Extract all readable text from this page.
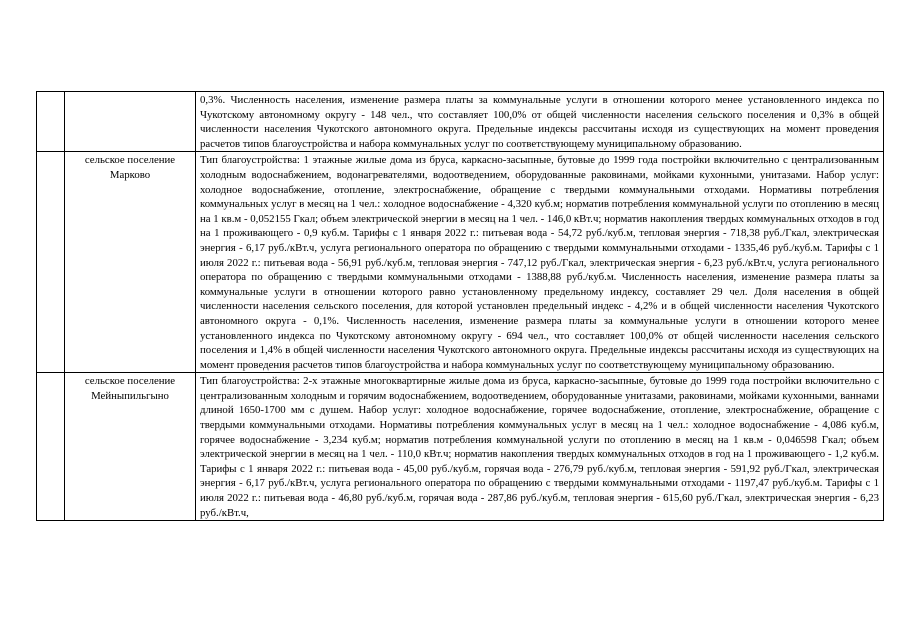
		0,3%. Численность населения, изменение размера платы за коммунальные услуги в отношении которого менее установленного индекса по Чукотскому автономному округу - 148 чел., что составляет 100,0% от общей численности населения сельского поселения и 0,3% в общей численности населения Чукотского автономного округа. Предельные индексы рассчитаны исходя из существующих на момент проведения расчетов типов благоустройства и набора коммунальных услуг по соответствующему муниципальному образованию.
	сельское поселение Марково	Тип благоустройства: 1 этажные жилые дома из бруса, каркасно-засыпные, бутовые до 1999 года постройки включительно с централизованным холодным водоснабжением, водонагревателями, водоотведением, оборудованные раковинами, мойками кухонными, унитазами. Набор услуг: холодное водоснабжение, отопление, электроснабжение, обращение с твердыми коммунальными отходами. Нормативы потребления коммунальных услуг в месяц на 1 чел.: холодное водоснабжение - 4,320 куб.м; норматив потребления коммунальной услуги по отоплению в месяц на 1 кв.м - 0,052155 Гкал; объем электрической энергии в месяц на 1 чел. - 146,0 кВт.ч; норматив накопления твердых коммунальных отходов в год на 1 проживающего - 0,9 куб.м. Тарифы с 1 января 2022 г.: питьевая вода - 54,72 руб./куб.м, тепловая энергия - 718,38 руб./Гкал, электрическая энергия - 6,17 руб./кВт.ч, услуга регионального оператора по обращению с твердыми коммунальными отходами - 1335,46 руб./куб.м. Тарифы с 1 июля 2022 г.: питьевая вода - 56,91 руб./куб.м, тепловая энергия - 747,12 руб./Гкал, электрическая энергия - 6,23 руб./кВт.ч, услуга регионального оператора по обращению с твердыми коммунальными отходами - 1388,88 руб./куб.м. Численность населения, изменение размера платы за коммунальные услуги в отношении которого равно установленному предельному индексу, составляет 29 чел. Доля населения в общей численности населения сельского поселения, для которой установлен предельный индекс - 4,2% и в общей численности населения Чукотского автономного округа - 0,1%. Численность населения, изменение размера платы за коммунальные услуги в отношении которого менее установленного индекса по Чукотскому автономному округу - 694 чел., что составляет 100,0% от общей численности населения сельского поселения и 1,4% в общей численности населения Чукотского автономного округа. Предельные индексы рассчитаны исходя из существующих на момент проведения расчетов типов благоустройства и набора коммунальных услуг по соответствующему муниципальному образованию.
	сельское поселение Мейныпильгыно	Тип благоустройства: 2-х этажные многоквартирные жилые дома из бруса, каркасно-засыпные, бутовые до 1999 года постройки включительно с централизованным холодным и горячим водоснабжением, водоотведением, оборудованные унитазами, раковинами, мойками кухонными, ваннами длиной 1650-1700 мм с душем. Набор услуг: холодное водоснабжение, горячее водоснабжение, отопление, электроснабжение, обращение с твердыми коммунальными отходами. Нормативы потребления коммунальных услуг в месяц на 1 чел.: холодное водоснабжение - 4,086 куб.м, горячее водоснабжение - 3,234 куб.м; норматив потребления коммунальной услуги по отоплению в месяц на 1 кв.м - 0,046598 Гкал; объем электрической энергии в месяц на 1 чел. - 110,0 кВт.ч; норматив накопления твердых коммунальных отходов в год на 1 проживающего - 1,2 куб.м. Тарифы с 1 января 2022 г.: питьевая вода - 45,00 руб./куб.м, горячая вода - 276,79 руб./куб.м, тепловая энергия - 591,92 руб./Гкал, электрическая энергия - 6,17 руб./кВт.ч, услуга регионального оператора по обращению с твердыми коммунальными отходами - 1197,47 руб./куб.м. Тарифы с 1 июля 2022 г.: питьевая вода - 46,80 руб./куб.м, горячая вода - 287,86 руб./куб.м, тепловая энергия - 615,60 руб./Гкал, электрическая энергия - 6,23 руб./кВт.ч,
